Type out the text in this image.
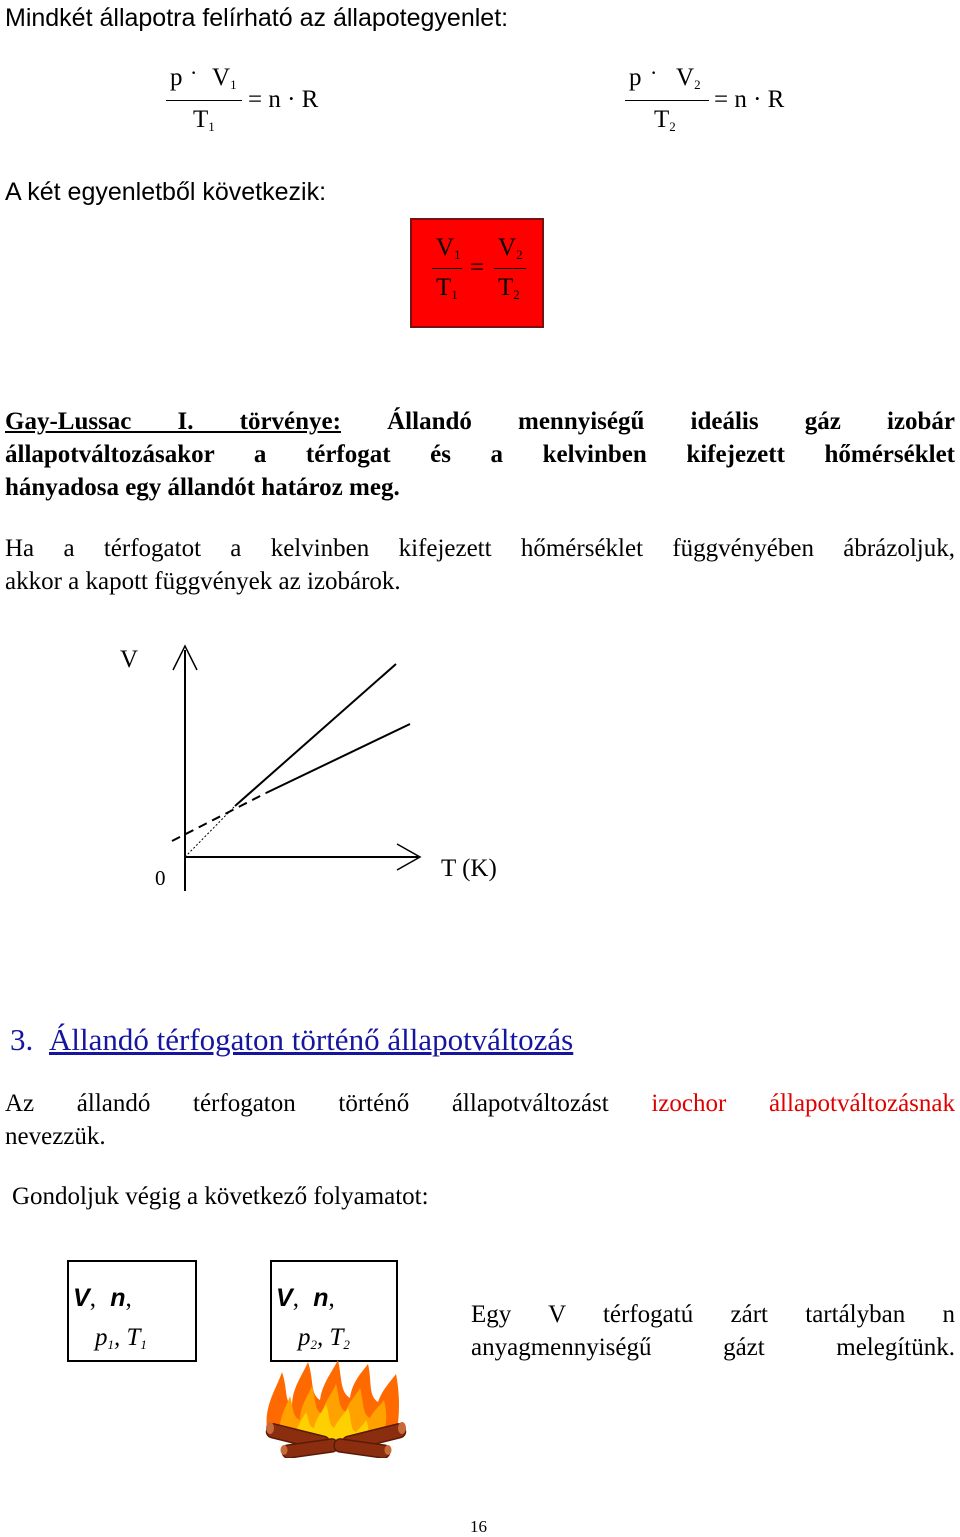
Mindkét állapotra felírható az állapotegyenlet:
$p \cdot V_1$
$T_1$
= n · R
$p \cdot V_2$
$T_2$
= n · R
A két egyenletből következik:
$V_1$
$T_1$
=
$V_2$
$T_2$
Gay-Lussac I. törvénye: Állandó mennyiségű ideális gáz izobár
állapotváltozásakor a térfogat és a kelvinben kifejezett hőmérséklet
hányadosa egy állandót határoz meg.
Ha a térfogatot a kelvinben kifejezett hőmérséklet függvényében ábrázoljuk,
akkor a kapott függvények az izobárok.
V
T (K)
0
3. Állandó térfogaton történő állapotváltozás
Az állandó térfogaton történő állapotváltozást izochor állapotváltozásnak
nevezzük.
Gondoljuk végig a következő folyamatot:
V, n,
$p_1$, $T_1$
V, n,
$p_2$, $T_2$
Egy V térfogatú zárt tartályban n
anyagmennyiségű gázt melegítünk.
16
